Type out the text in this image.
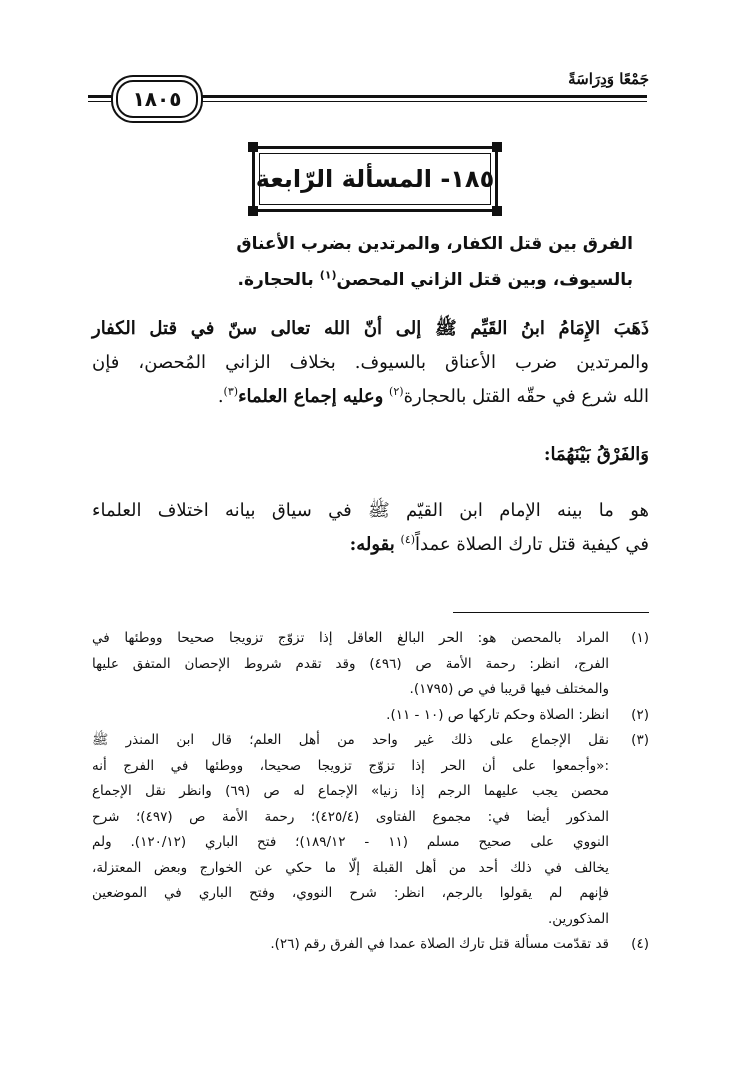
جَمْعًا وَدِرَاسَةً
١٨٠٥
١٨٥- المسألة الرّابعة
الفرق بين قتل الكفار، والمرتدين بضرب الأعناق
بالسيوف، وبين قتل الزاني المحصن$^{(١)}$ بالحجارة.
ذَهَبَ الإِمَامُ ابنُ القَيِّم ﷺ إلى أنّ الله تعالى سنّ في قتل الكفار
والمرتدين ضرب الأعناق بالسيوف. بخلاف الزاني المُحصن، فإن
الله شرع في حقّه القتل بالحجارة$^{(٢)}$ وعليه إجماع العلماء$^{(٣)}$.
وَالفَرْقُ بَيْنَهُمَا:
هو ما بينه الإمام ابن القيّم ﷺ في سياق بيانه اختلاف العلماء
في كيفية قتل تارك الصلاة عمداً$^{(٤)}$ بقوله:
(١)
المراد بالمحصن هو: الحر البالغ العاقل إذا تزوّج تزويجا صحيحا ووطئها في
الفرج، انظر: رحمة الأمة ص (٤٩٦) وقد تقدم شروط الإحصان المتفق عليها
والمختلف فيها قريبا في ص (١٧٩٥).
(٢)
انظر: الصلاة وحكم تاركها ص (١٠ - ١١).
(٣)
نقل الإجماع على ذلك غير واحد من أهل العلم؛ قال ابن المنذر ﷺ
:«وأجمعوا على أن الحر إذا تزوّج تزويجا صحيحا، ووطئها في الفرج أنه
محصن يجب عليهما الرجم إذا زنيا» الإجماع له ص (٦٩) وانظر نقل الإجماع
المذكور أيضا في: مجموع الفتاوى (٤٢٥/٤)؛ رحمة الأمة ص (٤٩٧)؛ شرح
النووي على صحيح مسلم (١١ - ١٨٩/١٢)؛ فتح الباري (١٢٠/١٢). ولم
يخالف في ذلك أحد من أهل القبلة إلّا ما حكي عن الخوارج وبعض المعتزلة،
فإنهم لم يقولوا بالرجم، انظر: شرح النووي، وفتح الباري في الموضعين
المذكورين.
(٤)
قد تقدّمت مسألة قتل تارك الصلاة عمدا في الفرق رقم (٢٦).
